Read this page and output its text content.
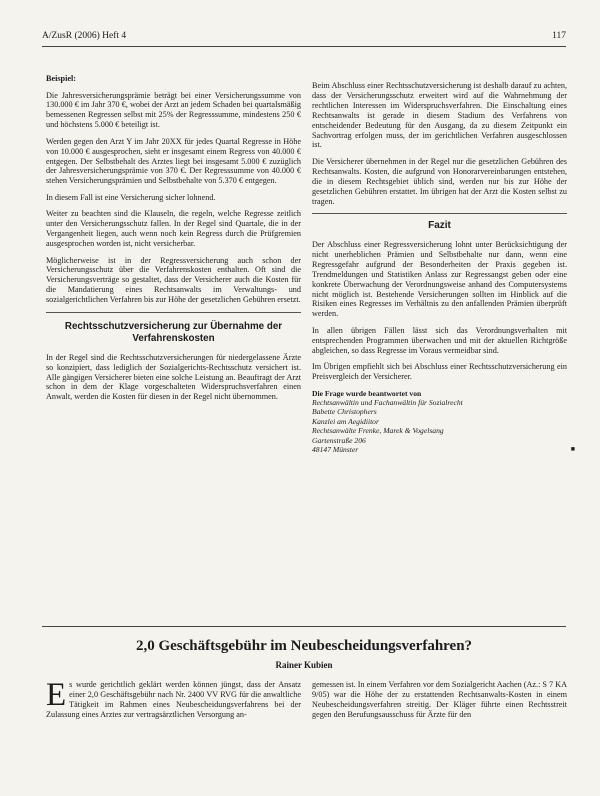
A/ZusR (2006) Heft 4	117

Beispiel:

Die Jahresversicherungsprämie beträgt bei einer Versicherungssumme von 130.000 € im Jahr 370 €, wobei der Arzt an jedem Schaden bei quartalsmäßig bemessenen Regressen selbst mit 25% der Regresssumme, mindestens 250 € und höchstens 5.000 € beteiligt ist.

Werden gegen den Arzt Y im Jahr 20XX für jedes Quartal Regresse in Höhe von 10.000 € ausgesprochen, sieht er insgesamt einem Regress von 40.000 € entgegen. Der Selbstbehalt des Arztes liegt bei insgesamt 5.000 € zuzüglich der Jahresversicherungsprämie von 370 €. Der Regresssumme von 40.000 € stehen Versicherungsprämien und Selbstbehalte von 5.370 € entgegen.

In diesem Fall ist eine Versicherung sicher lohnend.

Weiter zu beachten sind die Klauseln, die regeln, welche Regresse zeitlich unter den Versicherungsschutz fallen. In der Regel sind Quartale, die in der Vergangenheit liegen, auch wenn noch kein Regress durch die Prüfgremien ausgesprochen worden ist, nicht versicherbar.

Möglicherweise ist in der Regressversicherung auch schon der Versicherungsschutz über die Verfahrenskosten enthalten. Oft sind die Versicherungsverträge so gestaltet, dass der Versicherer auch die Kosten für die Mandatierung eines Rechtsanwalts im Verwaltungs- und sozialgerichtlichen Verfahren bis zur Höhe der gesetzlichen Gebühren ersetzt.

Rechtsschutzversicherung zur Übernahme der
Verfahrenskosten

In der Regel sind die Rechtsschutzversicherungen für niedergelassene Ärzte so konzipiert, dass lediglich der Sozialgerichts-Rechtsschutz versichert ist. Alle gängigen Versicherer bieten eine solche Leistung an. Beauftragt der Arzt schon in dem der Klage vorgeschalteten Widerspruchsverfahren einen Anwalt, werden die Kosten für diesen in der Regel nicht übernommen.

Beim Abschluss einer Rechtsschutzversicherung ist deshalb darauf zu achten, dass der Versicherungsschutz erweitert wird auf die Wahrnehmung der rechtlichen Interessen im Widerspruchsverfahren. Die Einschaltung eines Rechtsanwalts ist gerade in diesem Stadium des Verfahrens von entscheidender Bedeutung für den Ausgang, da zu diesem Zeitpunkt ein Sachvortrag erfolgen muss, der im gerichtlichen Verfahren ausgeschlossen ist.

Die Versicherer übernehmen in der Regel nur die gesetzlichen Gebühren des Rechtsanwalts. Kosten, die aufgrund von Honorarvereinbarungen entstehen, die in diesem Rechtsgebiet üblich sind, werden nur bis zur Höhe der gesetzlichen Gebühren erstattet. Im übrigen hat der Arzt die Kosten selbst zu tragen.

Fazit

Der Abschluss einer Regressversicherung lohnt unter Berücksichtigung der nicht unerheblichen Prämien und Selbstbehalte nur dann, wenn eine Regressgefahr aufgrund der Besonderheiten der Praxis gegeben ist. Trendmeldungen und Statistiken Anlass zur Regressangst geben oder eine konkrete Überwachung der Verordnungsweise anhand des Computersystems nicht möglich ist. Bestehende Versicherungen sollten im Hinblick auf die Risiken eines Regresses im Verhältnis zu den anfallenden Prämien überprüft werden.

In allen übrigen Fällen lässt sich das Verordnungsverhalten mit entsprechenden Programmen überwachen und mit der aktuellen Richtgröße abgleichen, so dass Regresse im Voraus vermeidbar sind.

Im Übrigen empfiehlt sich bei Abschluss einer Rechtsschutzversicherung ein Preisvergleich der Versicherer.

Die Frage wurde beantwortet von
Rechtsanwältin und Fachanwältin für Sozialrecht
Babette Christophers
Kanzlei am Aegidiitor
Rechtsanwälte Frenke, Marek & Vogelsang
Gartenstraße 206
48147 Münster	■
2,0 Geschäftsgebühr im Neubescheidungsverfahren?
Rainer Kubien
Es wurde gerichtlich geklärt werden können jüngst, dass der Ansatz einer 2,0 Geschäftsgebühr nach Nr. 2400 VV RVG für die anwaltliche Tätigkeit im Rahmen eines Neubescheidungsverfahrens bei der Zulassung eines Arztes zur vertragsärztlichen Versorgung an-
gemessen ist. In einem Verfahren vor dem Sozialgericht Aachen (Az.: S 7 KA 9/05) war die Höhe der zu erstattenden Rechtsanwalts-Kosten in einem Neubescheidungsverfahren streitig. Der Kläger führte einen Rechtsstreit gegen den Berufungsausschuss für Ärzte für den
